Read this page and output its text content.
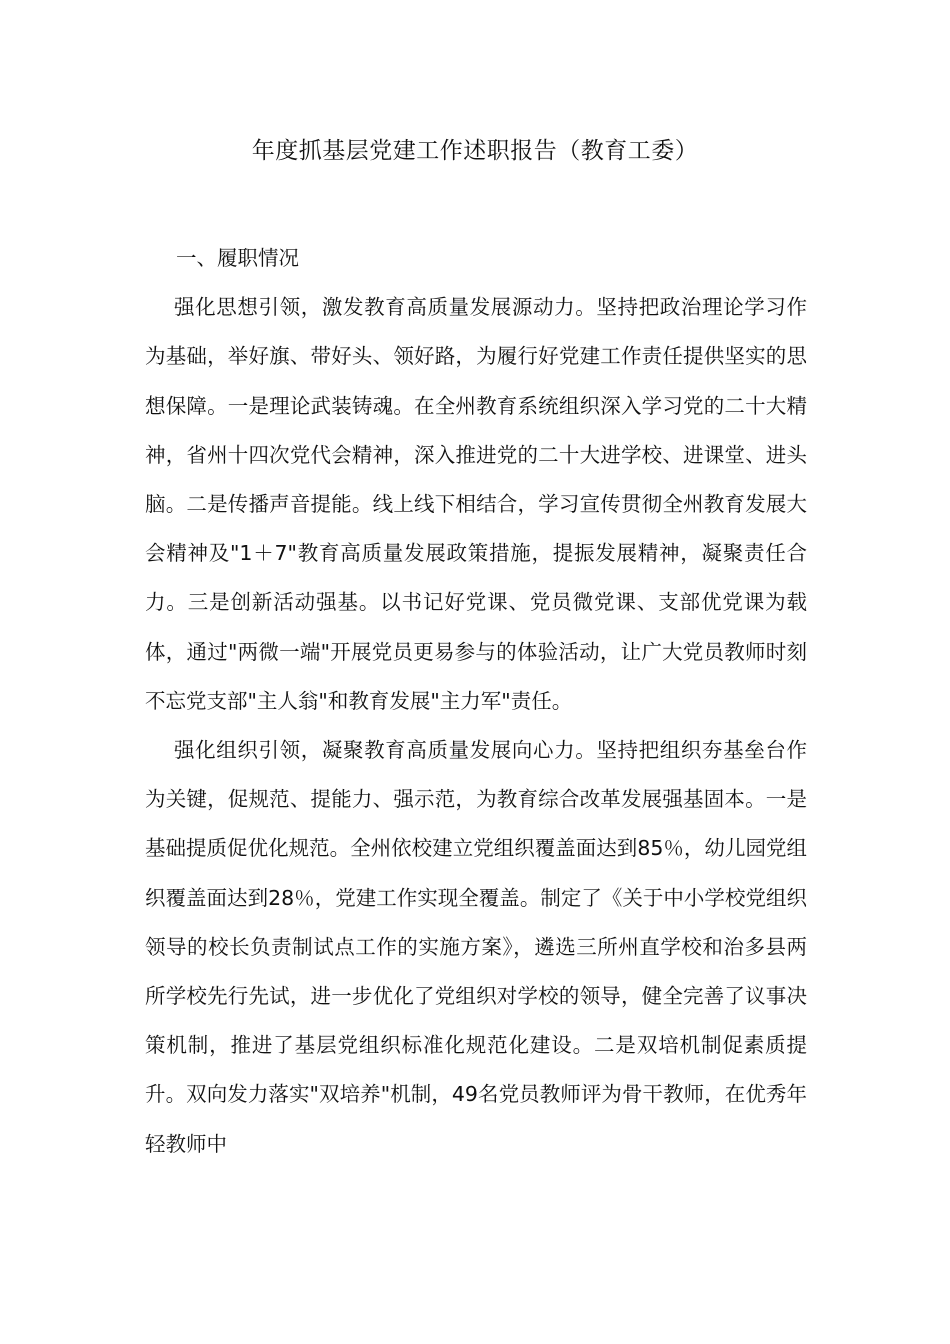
年度抓基层党建工作述职报告（教育工委）

一、履职情况

强化思想引领，激发教育高质量发展源动力。坚持把政治理论学习作为基础，举好旗、带好头、领好路，为履行好党建工作责任提供坚实的思想保障。一是理论武装铸魂。在全州教育系统组织深入学习党的二十大精神，省州十四次党代会精神，深入推进党的二十大进学校、进课堂、进头脑。二是传播声音提能。线上线下相结合，学习宣传贯彻全州教育发展大会精神及"1＋7"教育高质量发展政策措施，提振发展精神，凝聚责任合力。三是创新活动强基。以书记好党课、党员微党课、支部优党课为载体，通过"两微一端"开展党员更易参与的体验活动，让广大党员教师时刻不忘党支部"主人翁"和教育发展"主力军"责任。

强化组织引领，凝聚教育高质量发展向心力。坚持把组织夯基垒台作为关键，促规范、提能力、强示范，为教育综合改革发展强基固本。一是基础提质促优化规范。全州依校建立党组织覆盖面达到85％，幼儿园党组织覆盖面达到28％，党建工作实现全覆盖。制定了《关于中小学校党组织领导的校长负责制试点工作的实施方案》，遴选三所州直学校和治多县两所学校先行先试，进一步优化了党组织对学校的领导，健全完善了议事决策机制，推进了基层党组织标准化规范化建设。二是双培机制促素质提升。双向发力落实"双培养"机制，49名党员教师评为骨干教师，在优秀年轻教师中
